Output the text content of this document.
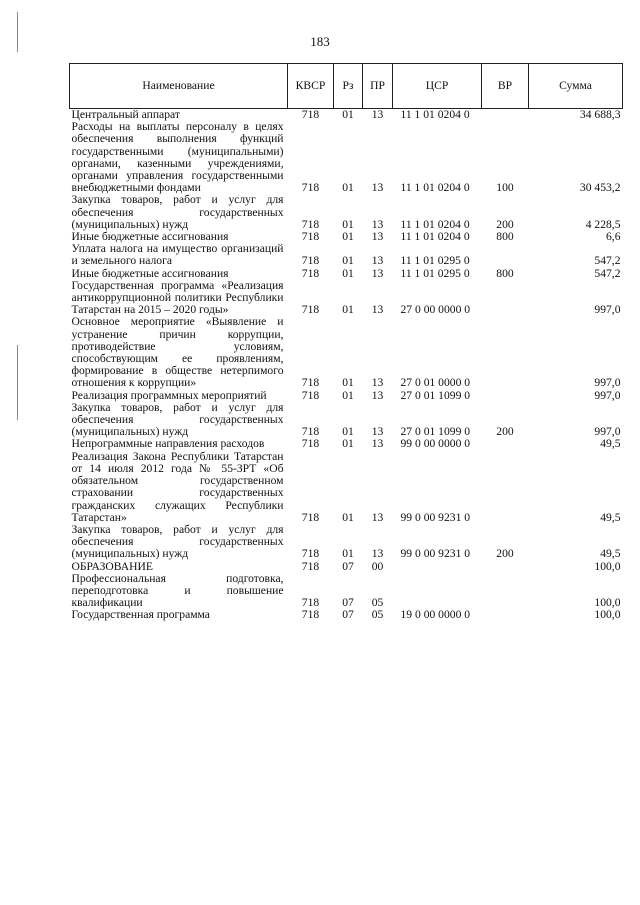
183
Наименование	КВСР	Рз	ПР	ЦСР	ВР	Сумма
Центральный аппарат	718	01	13	11 1 01 0204 0		34 688,3
Расходы на выплаты персоналу в целях обеспечения выполнения функций государственными (муниципальными) органами, казенными учреждениями, органами управления государственными внебюджетными фондами	718	01	13	11 1 01 0204 0	100	30 453,2
Закупка товаров, работ и услуг для обеспечения государственных (муниципальных) нужд	718	01	13	11 1 01 0204 0	200	4 228,5
Иные бюджетные ассигнования	718	01	13	11 1 01 0204 0	800	6,6
Уплата налога на имущество организаций и земельного налога	718	01	13	11 1 01 0295 0		547,2
Иные бюджетные ассигнования	718	01	13	11 1 01 0295 0	800	547,2
Государственная программа «Реализация антикоррупционной политики Республики Татарстан на 2015 – 2020 годы»	718	01	13	27 0 00 0000 0		997,0
Основное мероприятие «Выявление и устранение причин коррупции, противодействие условиям, способствующим ее проявлениям, формирование в обществе нетерпимого отношения к коррупции»	718	01	13	27 0 01 0000 0		997,0
Реализация программных мероприятий	718	01	13	27 0 01 1099 0		997,0
Закупка товаров, работ и услуг для обеспечения государственных (муниципальных) нужд	718	01	13	27 0 01 1099 0	200	997,0
Непрограммные направления расходов	718	01	13	99 0 00 0000 0		49,5
Реализация Закона Республики Татарстан от 14 июля 2012 года № 55-ЗРТ «Об обязательном государственном страховании государственных гражданских служащих Республики Татарстан»	718	01	13	99 0 00 9231 0		49,5
Закупка товаров, работ и услуг для обеспечения государственных (муниципальных) нужд	718	01	13	99 0 00 9231 0	200	49,5
ОБРАЗОВАНИЕ	718	07	00			100,0
Профессиональная подготовка, переподготовка и повышение квалификации	718	07	05			100,0
Государственная программа	718	07	05	19 0 00 0000 0		100,0
